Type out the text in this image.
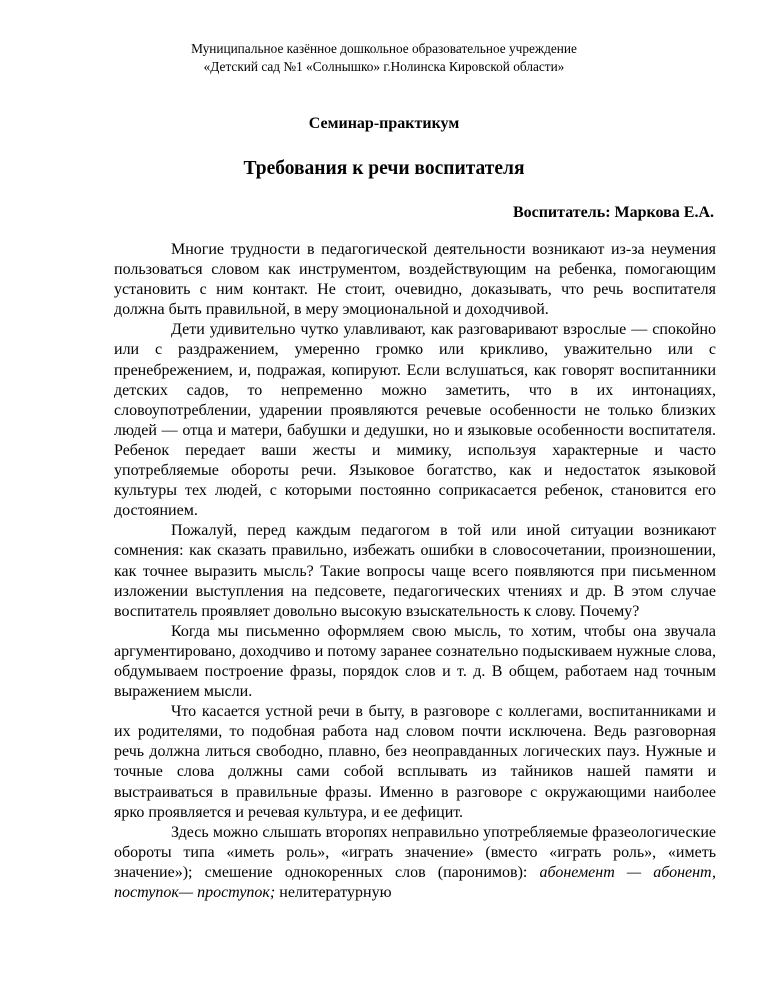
Муниципальное казённое дошкольное образовательное учреждение
«Детский сад №1 «Солнышко» г.Нолинска Кировской области»
Семинар-практикум
Требования к речи воспитателя
Воспитатель: Маркова Е.А.

Многие трудности в педагогической деятельности возникают из-за неумения пользоваться словом как инструментом, воздействующим на ребенка, помогающим установить с ним контакт. Не стоит, очевидно, доказывать, что речь воспитателя должна быть правильной, в меру эмоциональной и доходчивой.

Дети удивительно чутко улавливают, как разговаривают взрослые — спокойно или с раздражением, умеренно громко или крикливо, уважительно или с пренебрежением, и, подражая, копируют. Если вслушаться, как говорят воспитанники детских садов, то непременно можно заметить, что в их интонациях, словоупотреблении, ударении проявляются речевые особенности не только близких людей — отца и матери, бабушки и дедушки, но и языковые особенности воспитателя. Ребенок передает ваши жесты и мимику, используя характерные и часто употребляемые обороты речи. Языковое богатство, как и недостаток языковой культуры тех людей, с которыми постоянно соприкасается ребенок, становится его достоянием.

Пожалуй, перед каждым педагогом в той или иной ситуации возникают сомнения: как сказать правильно, избежать ошибки в словосочетании, произношении, как точнее выразить мысль? Такие вопросы чаще всего появляются при письменном изложении выступления на педсовете, педагогических чтениях и др. В этом случае воспитатель проявляет довольно высокую взыскательность к слову. Почему?

Когда мы письменно оформляем свою мысль, то хотим, чтобы она звучала аргументировано, доходчиво и потому заранее сознательно подыскиваем нужные слова, обдумываем построение фразы, порядок слов и т. д. В общем, работаем над точным выражением мысли.

Что касается устной речи в быту, в разговоре с коллегами, воспитанниками и их родителями, то подобная работа над словом почти исключена. Ведь разговорная речь должна литься свободно, плавно, без неоправданных логических пауз. Нужные и точные слова должны сами собой всплывать из тайников нашей памяти и выстраиваться в правильные фразы. Именно в разговоре с окружающими наиболее ярко проявляется и речевая культура, и ее дефицит.

Здесь можно слышать второпях неправильно употребляемые фразеологические обороты типа «иметь роль», «играть значение» (вместо «играть роль», «иметь значение»); смешение однокоренных слов (паронимов): абонемент — абонент, поступок— проступок; нелитературную
